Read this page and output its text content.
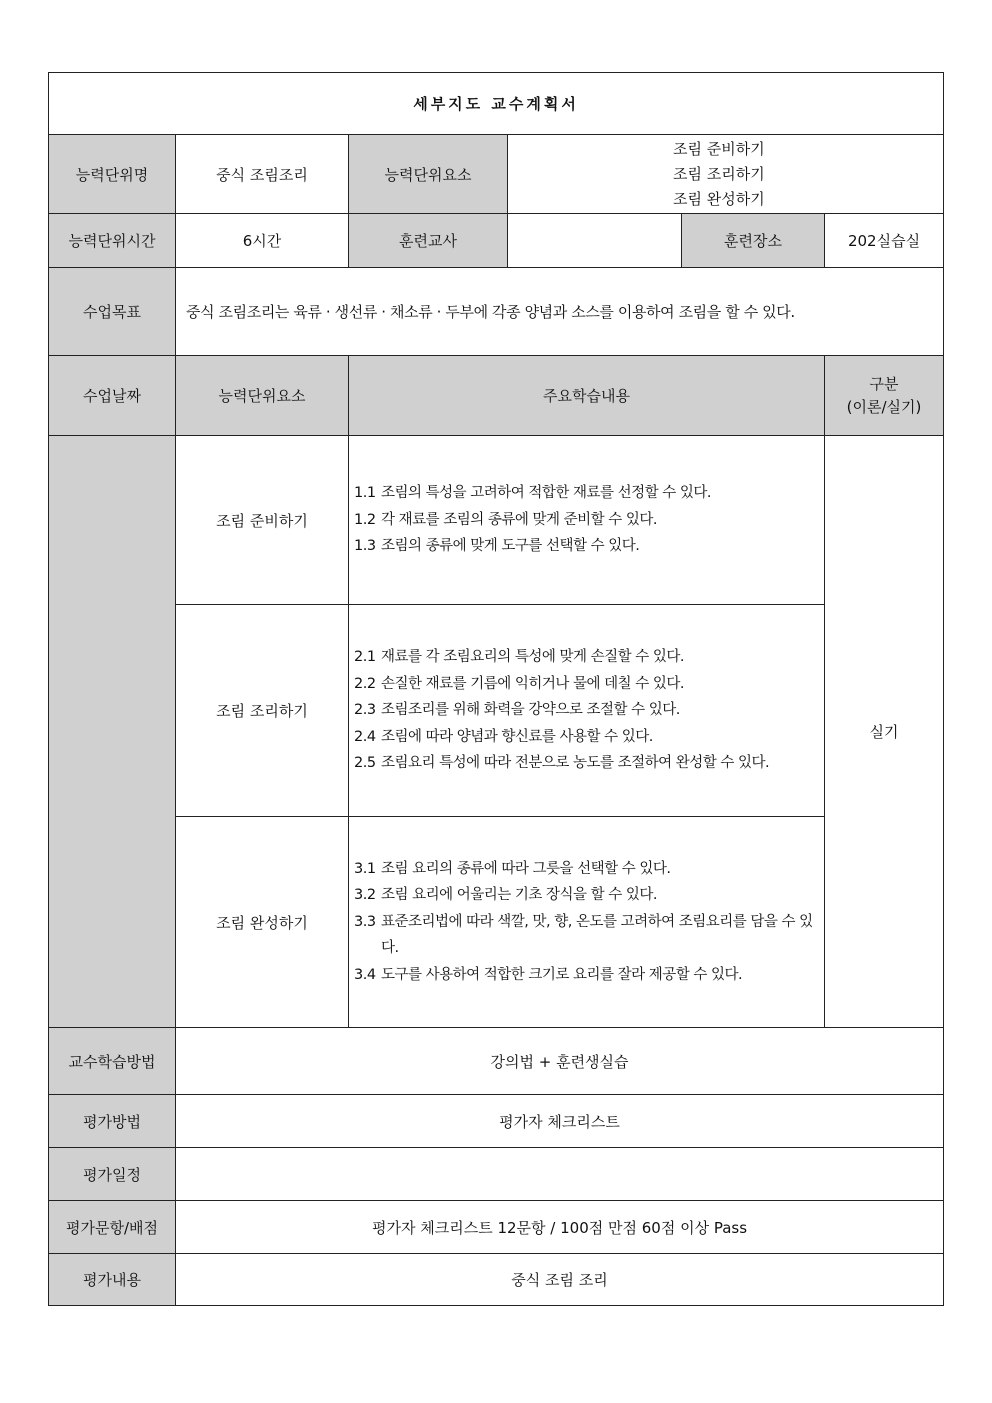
세부지도 교수계획서					
능력단위명	중식 조림조리	능력단위요소	조림 준비하기
조림 조리하기
조림 완성하기		

능력단위시간	6시간	훈련교사		훈련장소	202실습실
수업목표	중식 조림조리는 육류 · 생선류 · 채소류 · 두부에 각종 양념과 소스를 이용하여 조림을 할 수 있다.				
수업날짜	능력단위요소	주요학습내용			구분
(이론/실기)

	조림 준비하기	1.1 조림의 특성을 고려하여 적합한 재료를 선정할 수 있다.
1.2 각 재료를 조림의 종류에 맞게 준비할 수 있다.
1.3 조림의 종류에 맞게 도구를 선택할 수 있다.			실기
	조림 조리하기	2.1 재료를 각 조림요리의 특성에 맞게 손질할 수 있다.
2.2 손질한 재료를 기름에 익히거나 물에 데칠 수 있다.
2.3 조림조리를 위해 화력을 강약으로 조절할 수 있다.
2.4 조림에 따라 양념과 향신료를 사용할 수 있다.
2.5 조림요리 특성에 따라 전분으로 농도를 조절하여 완성할 수 있다.			

	조림 완성하기	3.1 조림 요리의 종류에 따라 그릇을 선택할 수 있다.
3.2 조림 요리에 어울리는 기초 장식을 할 수 있다.
3.3 표준조리법에 따라 색깔, 맛, 향, 온도를 고려하여 조림요리를 담을 수 있다.
3.4 도구를 사용하여 적합한 크기로 요리를 잘라 제공할 수 있다.			

교수학습방법	강의법 + 훈련생실습				
평가방법	평가자 체크리스트				
평가일정					
평가문항/배점	평가자 체크리스트 12문항 / 100점 만점 60점 이상 Pass				
평가내용	중식 조림 조리				
